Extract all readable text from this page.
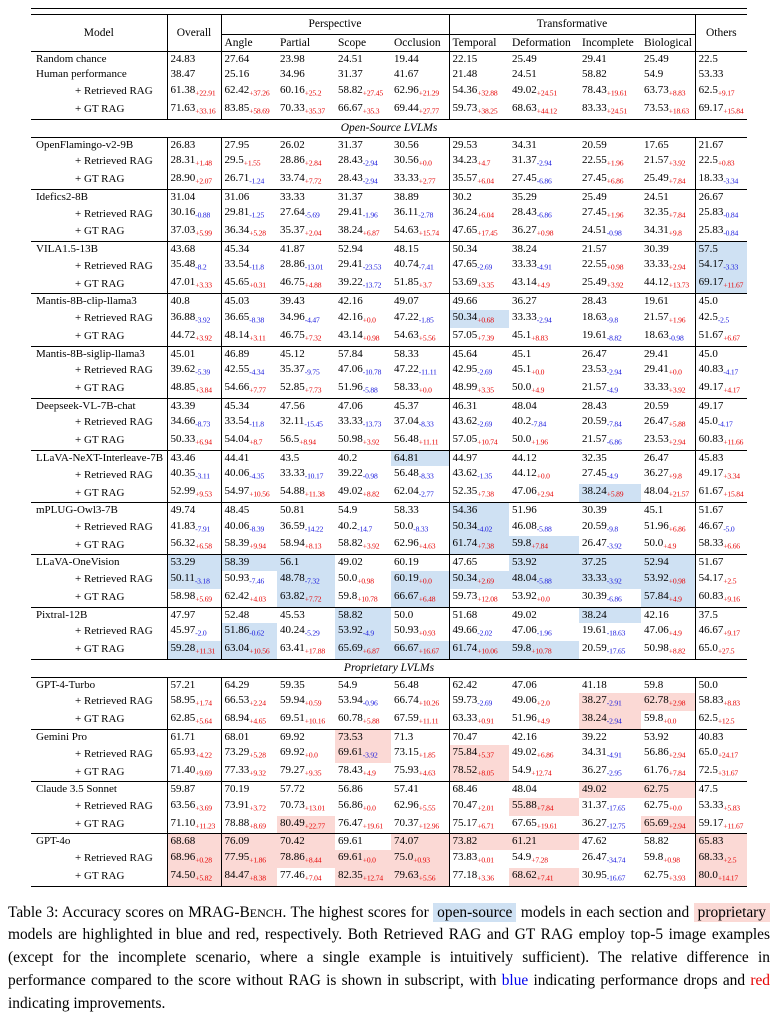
Model	Overall	Perspective				Transformative				Others
		Angle	Partial	Scope	Occlusion	Temporal	Deformation	Incomplete	Biological	
Random chance	24.83	27.64	23.98	24.51	19.44	22.15	25.49	29.41	25.49	22.5
Human performance	38.47	25.16	34.96	31.37	41.67	21.48	24.51	58.82	54.9	53.33
+ Retrieved RAG	$61.38_{+22.91}$	$62.42_{+37.26}$	$60.16_{+25.2}$	$58.82_{+27.45}$	$62.96_{+21.29}$	$54.36_{+32.88}$	$49.02_{+24.51}$	$78.43_{+19.61}$	$63.73_{+8.83}$	$62.5_{+9.17}$
+ GT RAG	$71.63_{+33.16}$	$83.85_{+58.69}$	$70.33_{+35.37}$	$66.67_{+35.3}$	$69.44_{+27.77}$	$59.73_{+38.25}$	$68.63_{+44.12}$	$83.33_{+24.51}$	$73.53_{+18.63}$	$69.17_{+15.84}$
Open-Source LVLMs										
OpenFlamingo-v2-9B	26.83	27.95	26.02	31.37	30.56	29.53	34.31	20.59	17.65	21.67
+ Retrieved RAG	$28.31_{+1.48}$	$29.5_{+1.55}$	$28.86_{+2.84}$	$28.43_{-2.94}$	$30.56_{+0.0}$	$34.23_{+4.7}$	$31.37_{-2.94}$	$22.55_{+1.96}$	$21.57_{+3.92}$	$22.5_{+0.83}$
+ GT RAG	$28.90_{+2.07}$	$26.71_{-1.24}$	$33.74_{+7.72}$	$28.43_{-2.94}$	$33.33_{+2.77}$	$35.57_{+6.04}$	$27.45_{-6.86}$	$27.45_{+6.86}$	$25.49_{+7.84}$	$18.33_{-3.34}$
Idefics2-8B	31.04	31.06	33.33	31.37	38.89	30.2	35.29	25.49	24.51	26.67
+ Retrieved RAG	$30.16_{-0.88}$	$29.81_{-1.25}$	$27.64_{-5.69}$	$29.41_{-1.96}$	$36.11_{-2.78}$	$36.24_{+6.04}$	$28.43_{-6.86}$	$27.45_{+1.96}$	$32.35_{+7.84}$	$25.83_{-0.84}$
+ GT RAG	$37.03_{+5.99}$	$36.34_{+5.28}$	$35.37_{+2.04}$	$38.24_{+6.87}$	$54.63_{+15.74}$	$47.65_{+17.45}$	$36.27_{+0.98}$	$24.51_{-0.98}$	$34.31_{+9.8}$	$25.83_{-0.84}$
VILA1.5-13B	43.68	45.34	41.87	52.94	48.15	50.34	38.24	21.57	30.39	57.5
+ Retrieved RAG	$35.48_{-8.2}$	$33.54_{-11.8}$	$28.86_{-13.01}$	$29.41_{-23.53}$	$40.74_{-7.41}$	$47.65_{-2.69}$	$33.33_{-4.91}$	$22.55_{+0.98}$	$33.33_{+2.94}$	$54.17_{-3.33}$
+ GT RAG	$47.01_{+3.33}$	$45.65_{+0.31}$	$46.75_{+4.88}$	$39.22_{-13.72}$	$51.85_{+3.7}$	$53.69_{+3.35}$	$43.14_{+4.9}$	$25.49_{+3.92}$	$44.12_{+13.73}$	$69.17_{+11.67}$
Mantis-8B-clip-llama3	40.8	45.03	39.43	42.16	49.07	49.66	36.27	28.43	19.61	45.0
+ Retrieved RAG	$36.88_{-3.92}$	$36.65_{-8.38}$	$34.96_{-4.47}$	$42.16_{+0.0}$	$47.22_{-1.85}$	$50.34_{+0.68}$	$33.33_{-2.94}$	$18.63_{-9.8}$	$21.57_{+1.96}$	$42.5_{-2.5}$
+ GT RAG	$44.72_{+3.92}$	$48.14_{+3.11}$	$46.75_{+7.32}$	$43.14_{+0.98}$	$54.63_{+5.56}$	$57.05_{+7.39}$	$45.1_{+8.83}$	$19.61_{-8.82}$	$18.63_{-0.98}$	$51.67_{+6.67}$
Mantis-8B-siglip-llama3	45.01	46.89	45.12	57.84	58.33	45.64	45.1	26.47	29.41	45.0
+ Retrieved RAG	$39.62_{-5.39}$	$42.55_{-4.34}$	$35.37_{-9.75}$	$47.06_{-10.78}$	$47.22_{-11.11}$	$42.95_{-2.69}$	$45.1_{+0.0}$	$23.53_{-2.94}$	$29.41_{+0.0}$	$40.83_{-4.17}$
+ GT RAG	$48.85_{+3.84}$	$54.66_{+7.77}$	$52.85_{+7.73}$	$51.96_{-5.88}$	$58.33_{+0.0}$	$48.99_{+3.35}$	$50.0_{+4.9}$	$21.57_{-4.9}$	$33.33_{+3.92}$	$49.17_{+4.17}$
Deepseek-VL-7B-chat	43.39	45.34	47.56	47.06	45.37	46.31	48.04	28.43	20.59	49.17
+ Retrieved RAG	$34.66_{-8.73}$	$33.54_{-11.8}$	$32.11_{-15.45}$	$33.33_{-13.73}$	$37.04_{-8.33}$	$43.62_{-2.69}$	$40.2_{-7.84}$	$20.59_{-7.84}$	$26.47_{+5.88}$	$45.0_{-4.17}$
+ GT RAG	$50.33_{+6.94}$	$54.04_{+8.7}$	$56.5_{+8.94}$	$50.98_{+3.92}$	$56.48_{+11.11}$	$57.05_{+10.74}$	$50.0_{+1.96}$	$21.57_{-6.86}$	$23.53_{+2.94}$	$60.83_{+11.66}$
LLaVA-NeXT-Interleave-7B	43.46	44.41	43.5	40.2	64.81	44.97	44.12	32.35	26.47	45.83
+ Retrieved RAG	$40.35_{-3.11}$	$40.06_{-4.35}$	$33.33_{-10.17}$	$39.22_{-0.98}$	$56.48_{-8.33}$	$43.62_{-1.35}$	$44.12_{+0.0}$	$27.45_{-4.9}$	$36.27_{+9.8}$	$49.17_{+3.34}$
+ GT RAG	$52.99_{+9.53}$	$54.97_{+10.56}$	$54.88_{+11.38}$	$49.02_{+8.82}$	$62.04_{-2.77}$	$52.35_{+7.38}$	$47.06_{+2.94}$	$38.24_{+5.89}$	$48.04_{+21.57}$	$61.67_{+15.84}$
mPLUG-Owl3-7B	49.74	48.45	50.81	54.9	58.33	54.36	51.96	30.39	45.1	51.67
+ Retrieved RAG	$41.83_{-7.91}$	$40.06_{-8.39}$	$36.59_{-14.22}$	$40.2_{-14.7}$	$50.0_{-8.33}$	$50.34_{-4.02}$	$46.08_{-5.88}$	$20.59_{-9.8}$	$51.96_{+6.86}$	$46.67_{-5.0}$
+ GT RAG	$56.32_{+6.58}$	$58.39_{+9.94}$	$58.94_{+8.13}$	$58.82_{+3.92}$	$62.96_{+4.63}$	$61.74_{+7.38}$	$59.8_{+7.84}$	$26.47_{-3.92}$	$50.0_{+4.9}$	$58.33_{+6.66}$
LLaVA-OneVision	53.29	58.39	56.1	49.02	60.19	47.65	53.92	37.25	52.94	51.67
+ Retrieved RAG	$50.11_{-3.18}$	$50.93_{-7.46}$	$48.78_{-7.32}$	$50.0_{+0.98}$	$60.19_{+0.0}$	$50.34_{+2.69}$	$48.04_{-5.88}$	$33.33_{-3.92}$	$53.92_{+0.98}$	$54.17_{+2.5}$
+ GT RAG	$58.98_{+5.69}$	$62.42_{+4.03}$	$63.82_{+7.72}$	$59.8_{+10.78}$	$66.67_{+6.48}$	$59.73_{+12.08}$	$53.92_{+0.0}$	$30.39_{-6.86}$	$57.84_{+4.9}$	$60.83_{+9.16}$
Pixtral-12B	47.97	52.48	45.53	58.82	50.0	51.68	49.02	38.24	42.16	37.5
+ Retrieved RAG	$45.97_{-2.0}$	$51.86_{-0.62}$	$40.24_{-5.29}$	$53.92_{-4.9}$	$50.93_{+0.93}$	$49.66_{-2.02}$	$47.06_{-1.96}$	$19.61_{-18.63}$	$47.06_{+4.9}$	$46.67_{+9.17}$
+ GT RAG	$59.28_{+11.31}$	$63.04_{+10.56}$	$63.41_{+17.88}$	$65.69_{+6.87}$	$66.67_{+16.67}$	$61.74_{+10.06}$	$59.8_{+10.78}$	$20.59_{-17.65}$	$50.98_{+8.82}$	$65.0_{+27.5}$
Proprietary LVLMs										
GPT-4-Turbo	57.21	64.29	59.35	54.9	56.48	62.42	47.06	41.18	59.8	50.0
+ Retrieved RAG	$58.95_{+1.74}$	$66.53_{+2.24}$	$59.94_{+0.59}$	$53.94_{-0.96}$	$66.74_{+10.26}$	$59.73_{-2.69}$	$49.06_{+2.0}$	$38.27_{-2.91}$	$62.78_{+2.98}$	$58.83_{+8.83}$
+ GT RAG	$62.85_{+5.64}$	$68.94_{+4.65}$	$69.51_{+10.16}$	$60.78_{+5.88}$	$67.59_{+11.11}$	$63.33_{+0.91}$	$51.96_{+4.9}$	$38.24_{-2.94}$	$59.8_{+0.0}$	$62.5_{+12.5}$
Gemini Pro	61.71	68.01	69.92	73.53	71.3	70.47	42.16	39.22	53.92	40.83
+ Retrieved RAG	$65.93_{+4.22}$	$73.29_{+5.28}$	$69.92_{+0.0}$	$69.61_{-3.92}$	$73.15_{+1.85}$	$75.84_{+5.37}$	$49.02_{+6.86}$	$34.31_{-4.91}$	$56.86_{+2.94}$	$65.0_{+24.17}$
+ GT RAG	$71.40_{+9.69}$	$77.33_{+9.32}$	$79.27_{+9.35}$	$78.43_{+4.9}$	$75.93_{+4.63}$	$78.52_{+8.05}$	$54.9_{+12.74}$	$36.27_{-2.95}$	$61.76_{+7.84}$	$72.5_{+31.67}$
Claude 3.5 Sonnet	59.87	70.19	57.72	56.86	57.41	68.46	48.04	49.02	62.75	47.5
+ Retrieved RAG	$63.56_{+3.69}$	$73.91_{+3.72}$	$70.73_{+13.01}$	$56.86_{+0.0}$	$62.96_{+5.55}$	$70.47_{+2.01}$	$55.88_{+7.84}$	$31.37_{-17.65}$	$62.75_{+0.0}$	$53.33_{+5.83}$
+ GT RAG	$71.10_{+11.23}$	$78.88_{+8.69}$	$80.49_{+22.77}$	$76.47_{+19.61}$	$70.37_{+12.96}$	$75.17_{+6.71}$	$67.65_{+19.61}$	$36.27_{-12.75}$	$65.69_{+2.94}$	$59.17_{+11.67}$
GPT-4o	68.68	76.09	70.42	69.61	74.07	73.82	61.21	47.62	58.82	65.83
+ Retrieved RAG	$68.96_{+0.28}$	$77.95_{+1.86}$	$78.86_{+8.44}$	$69.61_{+0.0}$	$75.0_{+0.93}$	$73.83_{+0.01}$	$54.9_{+7.28}$	$26.47_{-34.74}$	$59.8_{+0.98}$	$68.33_{+2.5}$
+ GT RAG	$74.50_{+5.82}$	$84.47_{+8.38}$	$77.46_{+7.04}$	$82.35_{+12.74}$	$79.63_{+5.56}$	$77.18_{+3.36}$	$68.62_{+7.41}$	$30.95_{-16.67}$	$62.75_{+3.93}$	$80.0_{+14.17}$

Table 3: Accuracy scores on MRAG-BENCH. The highest scores for open-source models in each section and proprietary models are highlighted in blue and red, respectively. Both Retrieved RAG and GT RAG employ top-5 image examples (except for the incomplete scenario, where a single example is intuitively sufficient). The relative difference in performance compared to the score without RAG is shown in subscript, with blue indicating performance drops and red indicating improvements.
